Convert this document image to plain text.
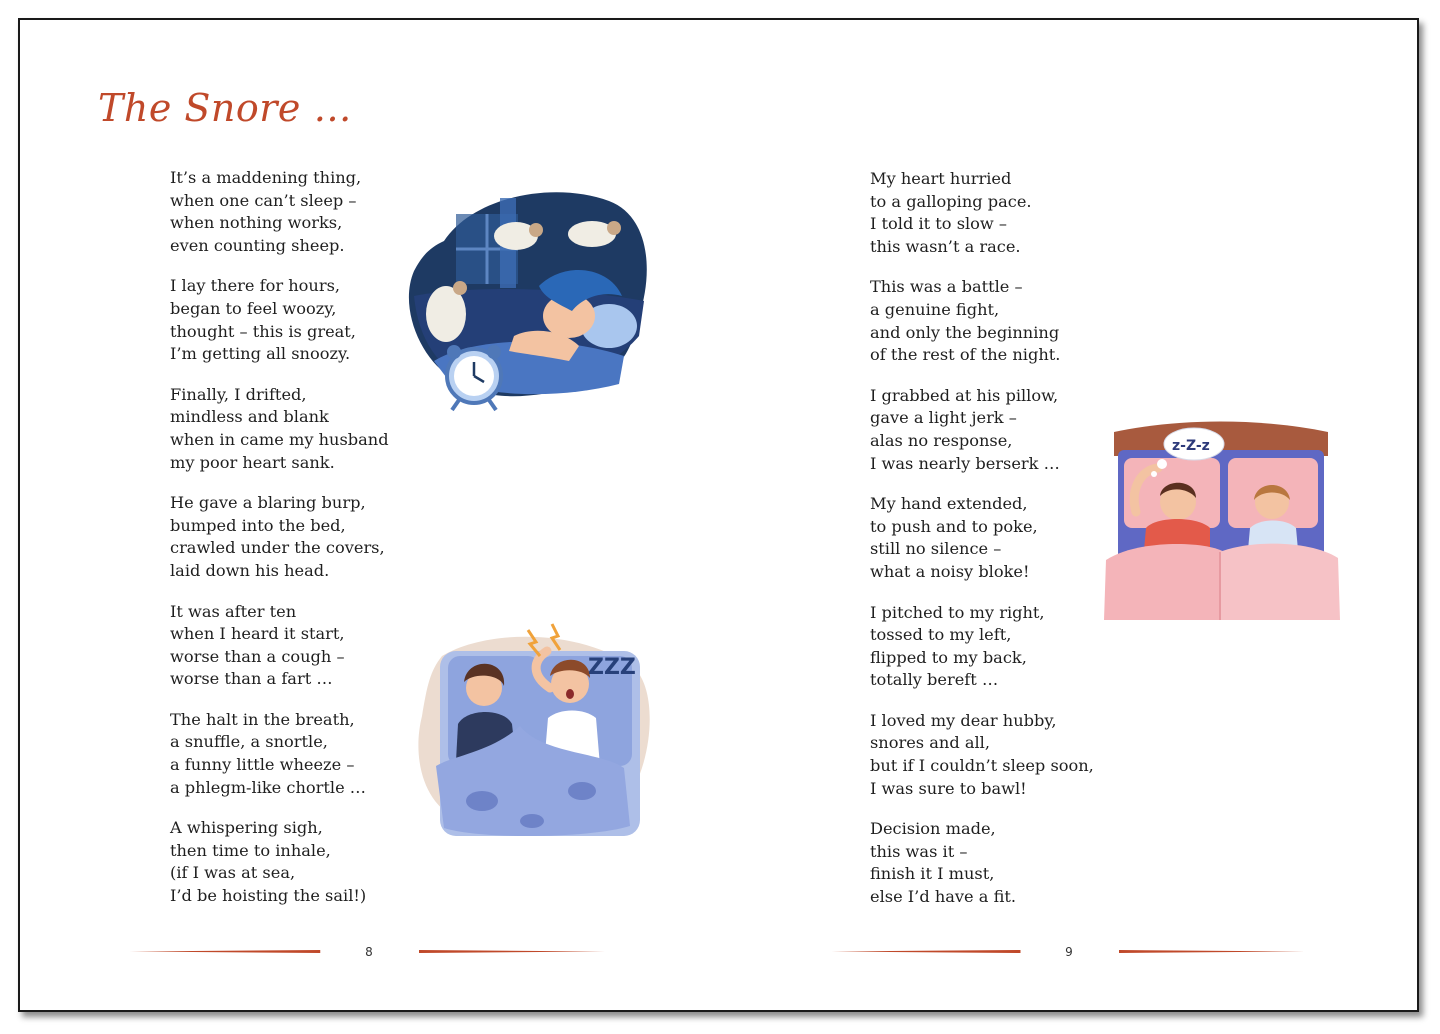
The Snore …
It’s a maddening thing,
when one can’t sleep –
when nothing works,
even counting sheep.
I lay there for hours,
began to feel woozy,
thought – this is great,
I’m getting all snoozy.
Finally, I drifted,
mindless and blank
when in came my husband
my poor heart sank.
He gave a blaring burp,
bumped into the bed,
crawled under the covers,
laid down his head.
It was after ten
when I heard it start,
worse than a cough –
worse than a fart …
The halt in the breath,
a snuffle, a snortle,
a funny little wheeze –
a phlegm-like chortle …
A whispering sigh,
then time to inhale,
(if I was at sea,
I’d be hoisting the sail!)
My heart hurried
to a galloping pace.
I told it to slow –
this wasn’t a race.
This was a battle –
a genuine fight,
and only the beginning
of the rest of the night.
I grabbed at his pillow,
gave a light jerk –
alas no response,
I was nearly berserk …
My hand extended,
to push and to poke,
still no silence –
what a noisy bloke!
I pitched to my right,
tossed to my left,
flipped to my back,
totally bereft …
I loved my dear hubby,
snores and all,
but if I couldn’t sleep soon,
I was sure to bawl!
Decision made,
this was it –
finish it I must,
else I’d have a fit.
ZZZ
z-Z-z
8	9
